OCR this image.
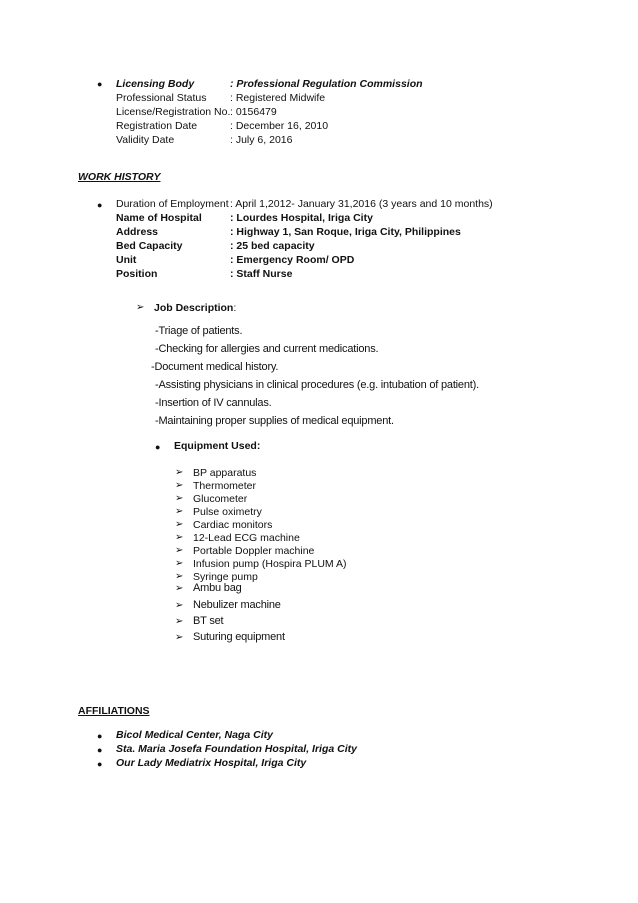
● Licensing Body	: Professional Regulation Commission
Professional Status : Registered Midwife
License/Registration No. : 0156479
Registration Date	: December 16, 2010
Validity Date	: July 6, 2016
WORK HISTORY
● Duration of Employment : April 1,2012- January 31,2016 (3 years and 10 months)
Name of Hospital	: Lourdes Hospital, Iriga City
Address	: Highway 1, San Roque, Iriga City, Philippines
Bed Capacity	: 25 bed capacity
Unit	: Emergency Room/ OPD
Position	: Staff Nurse
➢ Job Description:
-Triage of patients.
-Checking for allergies and current medications.
-Document medical history.
-Assisting physicians in clinical procedures (e.g. intubation of patient).
-Insertion of IV cannulas.
-Maintaining proper supplies of medical equipment.
● Equipment Used:
➢ BP apparatus
➢ Thermometer
➢ Glucometer
➢ Pulse oximetry
➢ Cardiac monitors
➢ 12-Lead ECG machine
➢ Portable Doppler machine
➢ Infusion pump (Hospira PLUM A)
➢ Syringe pump
➢ Ambu bag
➢ Nebulizer machine
➢ BT set
➢ Suturing equipment
AFFILIATIONS
● Bicol Medical Center, Naga City
● Sta. Maria Josefa Foundation Hospital, Iriga City
● Our Lady Mediatrix Hospital, Iriga City
